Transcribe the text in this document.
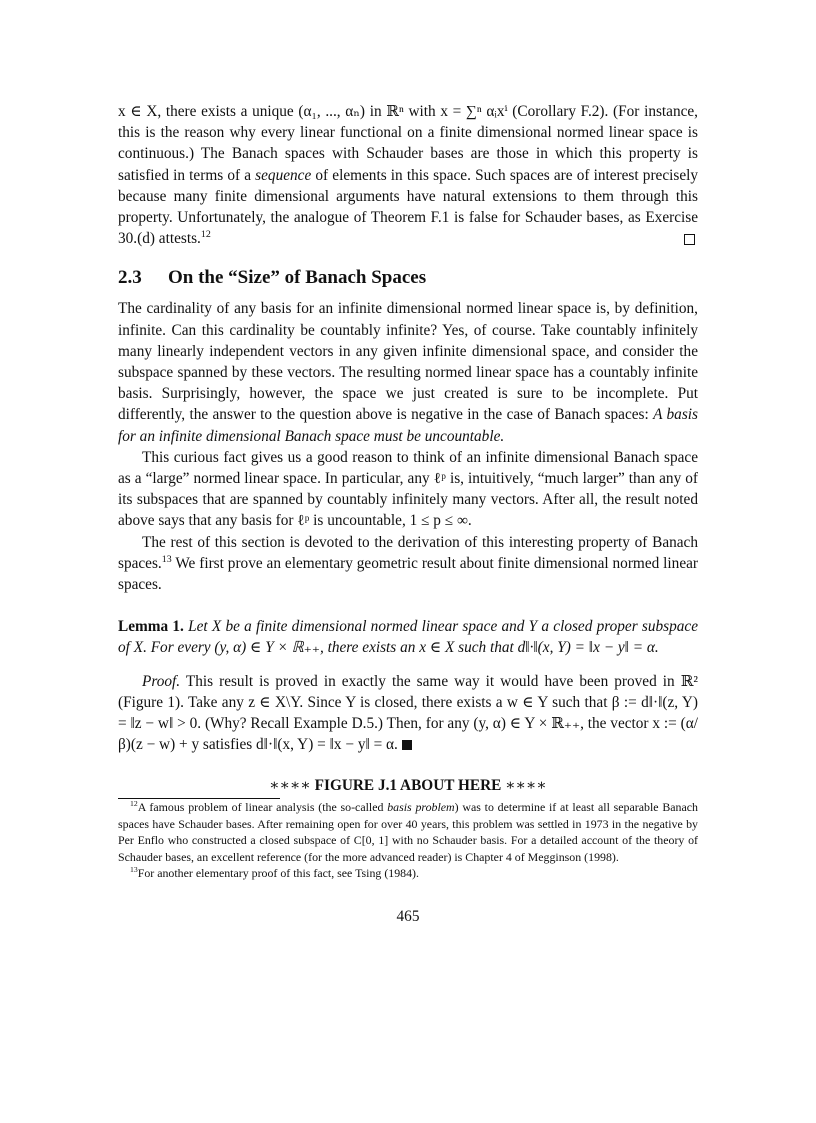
x ∈ X, there exists a unique (α₁, ..., αₙ) in ℝⁿ with x = ∑ⁿ αᵢxⁱ (Corollary F.2). (For instance, this is the reason why every linear functional on a finite dimensional normed linear space is continuous.) The Banach spaces with Schauder bases are those in which this property is satisfied in terms of a sequence of elements in this space. Such spaces are of interest precisely because many finite dimensional arguments have natural extensions to them through this property. Unfortunately, the analogue of Theorem F.1 is false for Schauder bases, as Exercise 30.(d) attests.$^{12}$

2.3 On the “Size” of Banach Spaces

The cardinality of any basis for an infinite dimensional normed linear space is, by definition, infinite. Can this cardinality be countably infinite? Yes, of course. Take countably infinitely many linearly independent vectors in any given infinite dimensional space, and consider the subspace spanned by these vectors. The resulting normed linear space has a countably infinite basis. Surprisingly, however, the space we just created is sure to be incomplete. Put differently, the answer to the question above is negative in the case of Banach spaces: A basis for an infinite dimensional Banach space must be uncountable.

This curious fact gives us a good reason to think of an infinite dimensional Banach space as a “large” normed linear space. In particular, any ℓᵖ is, intuitively, “much larger” than any of its subspaces that are spanned by countably infinitely many vectors. After all, the result noted above says that any basis for ℓᵖ is uncountable, 1 ≤ p ≤ ∞.

The rest of this section is devoted to the derivation of this interesting property of Banach spaces.$^{13}$ We first prove an elementary geometric result about finite dimensional normed linear spaces.

Lemma 1. Let X be a finite dimensional normed linear space and Y a closed proper subspace of X. For every (y, α) ∈ Y × ℝ₊₊, there exists an x ∈ X such that d‖·‖(x, Y) = ‖x − y‖ = α.

Proof. This result is proved in exactly the same way it would have been proved in ℝ² (Figure 1). Take any z ∈ X\Y. Since Y is closed, there exists a w ∈ Y such that β := d‖·‖(z, Y) = ‖z − w‖ > 0. (Why? Recall Example D.5.) Then, for any (y, α) ∈ Y × ℝ₊₊, the vector x := (α/β)(z − w) + y satisfies d‖·‖(x, Y) = ‖x − y‖ = α.

∗∗∗∗ FIGURE J.1 ABOUT HERE ∗∗∗∗

$^{12}$A famous problem of linear analysis (the so-called basis problem) was to determine if at least all separable Banach spaces have Schauder bases. After remaining open for over 40 years, this problem was settled in 1973 in the negative by Per Enflo who constructed a closed subspace of C[0, 1] with no Schauder basis. For a detailed account of the theory of Schauder bases, an excellent reference (for the more advanced reader) is Chapter 4 of Megginson (1998).

$^{13}$For another elementary proof of this fact, see Tsing (1984).

465
